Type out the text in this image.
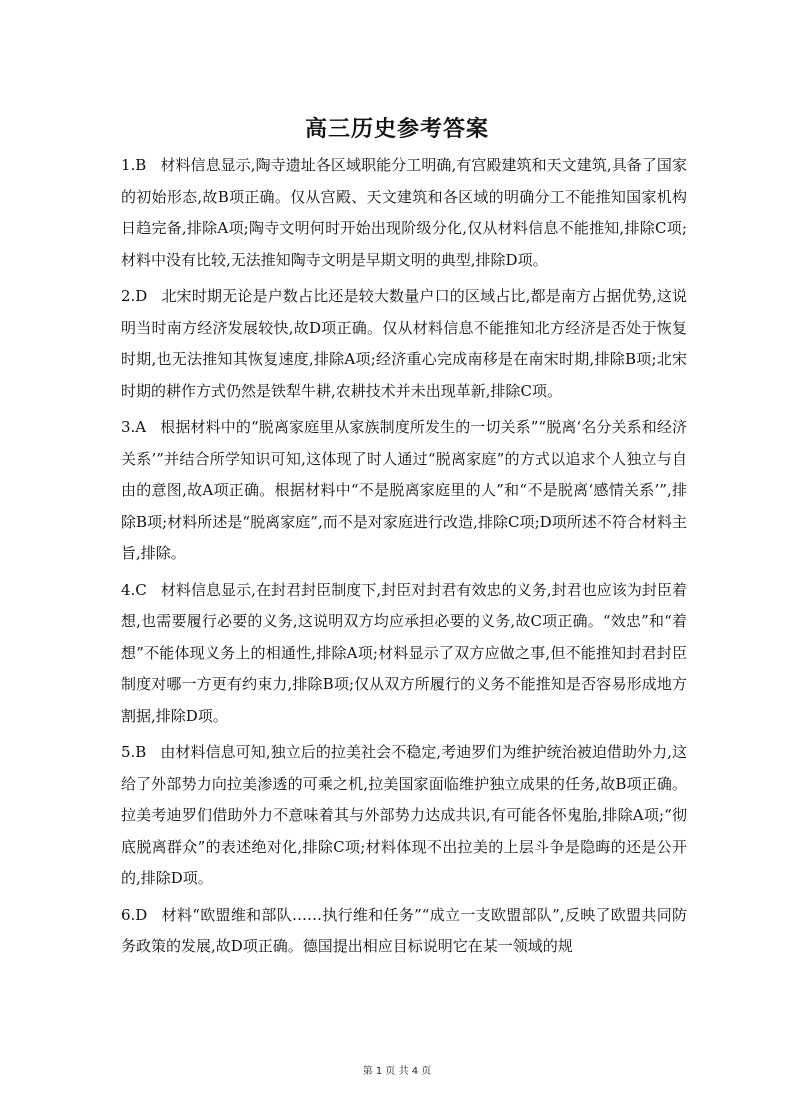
高三历史参考答案

1.B 材料信息显示,陶寺遗址各区域职能分工明确,有宫殿建筑和天文建筑,具备了国家的初始形态,故B项正确。仅从宫殿、天文建筑和各区域的明确分工不能推知国家机构日趋完备,排除A项;陶寺文明何时开始出现阶级分化,仅从材料信息不能推知,排除C项;材料中没有比较,无法推知陶寺文明是早期文明的典型,排除D项。

2.D 北宋时期无论是户数占比还是较大数量户口的区域占比,都是南方占据优势,这说明当时南方经济发展较快,故D项正确。仅从材料信息不能推知北方经济是否处于恢复时期,也无法推知其恢复速度,排除A项;经济重心完成南移是在南宋时期,排除B项;北宋时期的耕作方式仍然是铁犁牛耕,农耕技术并未出现革新,排除C项。

3.A 根据材料中的“脱离家庭里从家族制度所发生的一切关系”“脱离‘名分关系和经济关系’”并结合所学知识可知,这体现了时人通过“脱离家庭”的方式以追求个人独立与自由的意图,故A项正确。根据材料中“不是脱离家庭里的人”和“不是脱离‘感情关系’”,排除B项;材料所述是“脱离家庭”,而不是对家庭进行改造,排除C项;D项所述不符合材料主旨,排除。

4.C 材料信息显示,在封君封臣制度下,封臣对封君有效忠的义务,封君也应该为封臣着想,也需要履行必要的义务,这说明双方均应承担必要的义务,故C项正确。“效忠”和“着想”不能体现义务上的相通性,排除A项;材料显示了双方应做之事,但不能推知封君封臣制度对哪一方更有约束力,排除B项;仅从双方所履行的义务不能推知是否容易形成地方割据,排除D项。

5.B 由材料信息可知,独立后的拉美社会不稳定,考迪罗们为维护统治被迫借助外力,这给了外部势力向拉美渗透的可乘之机,拉美国家面临维护独立成果的任务,故B项正确。拉美考迪罗们借助外力不意味着其与外部势力达成共识,有可能各怀鬼胎,排除A项;“彻底脱离群众”的表述绝对化,排除C项;材料体现不出拉美的上层斗争是隐晦的还是公开的,排除D项。

6.D 材料“欧盟维和部队……执行维和任务”“成立一支欧盟部队”,反映了欧盟共同防务政策的发展,故D项正确。德国提出相应目标说明它在某一领域的规

第 1 页 共 4 页
